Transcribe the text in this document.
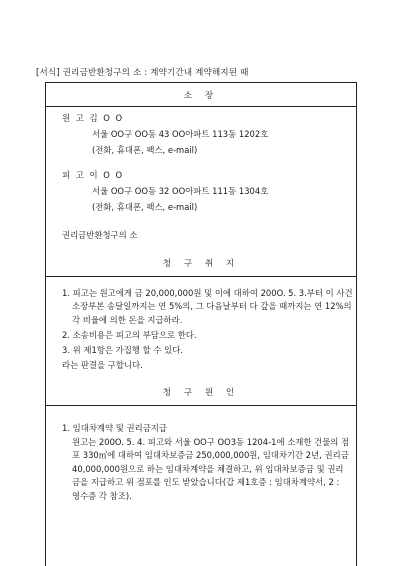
[서식] 권리금반환청구의 소 : 계약기간내 계약해지된 때
소 장
원 고 김 O O
서울 OO구 OO동 43 OO아파트 113동 1202호
(전화, 휴대폰, 팩스, e-mail)
피 고 이 O O
서울 OO구 OO동 32 OO아파트 111동 1304호
(전화, 휴대폰, 팩스, e-mail)
권리금반환청구의 소
청 구 취 지
1. 피고는 원고에게 금 20,000,000원 및 이에 대하여 200O. 5. 3.부터 이 사건 소장부본 송달일까지는 연 5%의, 그 다음날부터 다 갚을 때까지는 연 12%의 각 비율에 의한 돈을 지급하라.
2. 소송비용은 피고의 부담으로 한다.
3. 위 제1항은 가집행 할 수 있다.
라는 판결을 구합니다.
청 구 원 인
1. 임대차계약 및 권리금지급
원고는 200O. 5. 4. 피고와 서울 OO구 OO3동 1204-1에 소재한 건물의 점포 330㎡에 대하여 임대차보증금 250,000,000원, 임대차기간 2년, 권리금 40,000,000원으로 하는 임대차계약을 체결하고, 위 임대차보증금 및 권리금을 지급하고 위 점포를 인도 받았습니다(갑 제1호증 : 임대차계약서, 2 : 영수증 각 참조).
